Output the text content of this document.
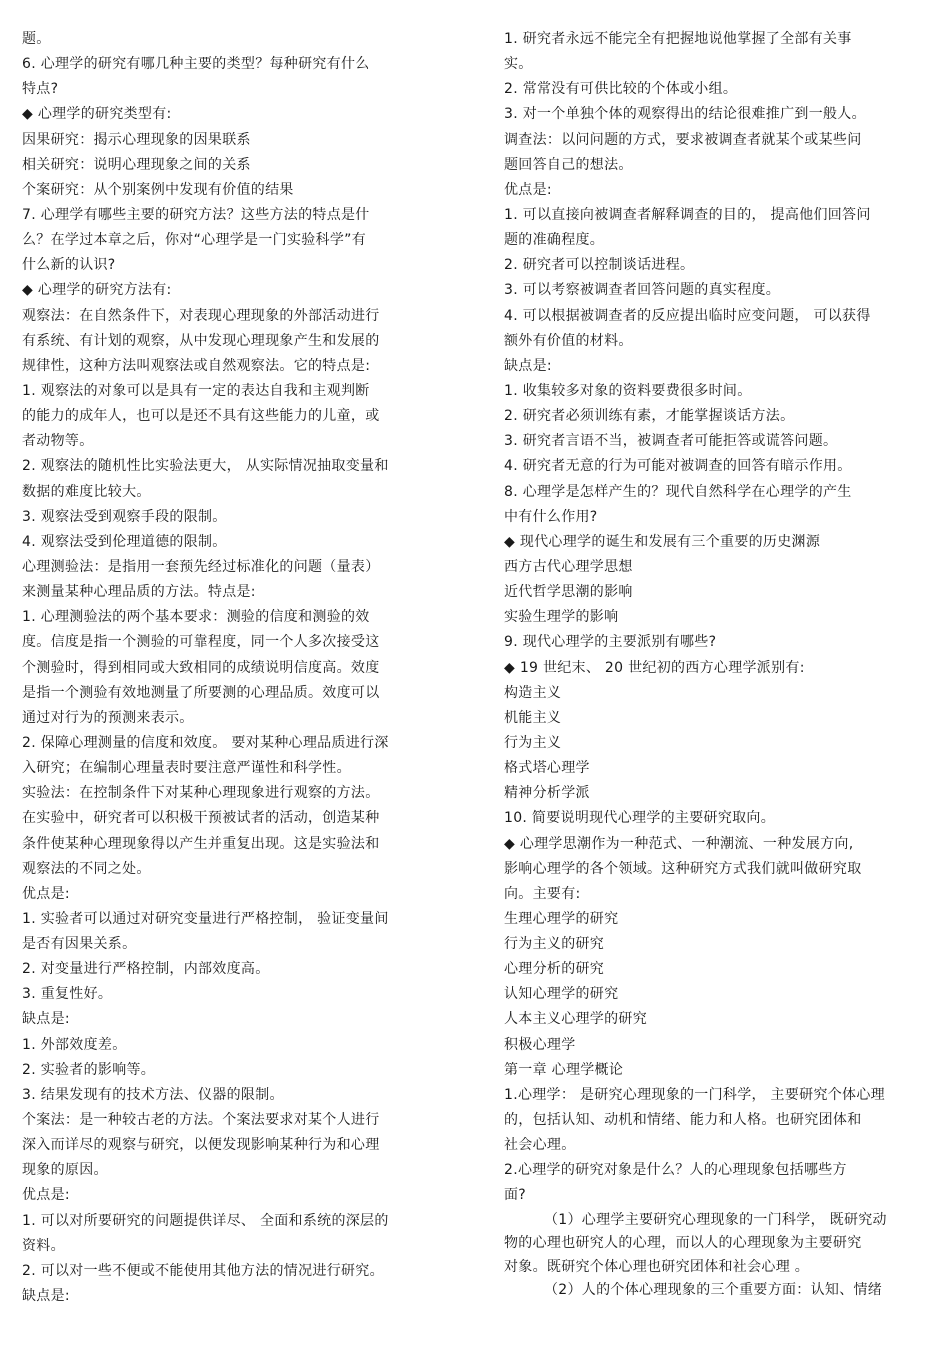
题。
6. 心理学的研究有哪几种主要的类型？每种研究有什么
特点?
◆ 心理学的研究类型有:
因果研究：揭示心理现象的因果联系
相关研究：说明心理现象之间的关系
个案研究：从个别案例中发现有价值的结果
7. 心理学有哪些主要的研究方法？这些方法的特点是什
么？在学过本章之后，你对“心理学是一门实验科学”有
什么新的认识?
◆ 心理学的研究方法有:
观察法：在自然条件下，对表现心理现象的外部活动进行
有系统、有计划的观察，从中发现心理现象产生和发展的
规律性，这种方法叫观察法或自然观察法。它的特点是:
1. 观察法的对象可以是具有一定的表达自我和主观判断
的能力的成年人，也可以是还不具有这些能力的儿童，或
者动物等。
2. 观察法的随机性比实验法更大， 从实际情况抽取变量和
数据的难度比较大。
3. 观察法受到观察手段的限制。
4. 观察法受到伦理道德的限制。
心理测验法：是指用一套预先经过标准化的问题（量表）
来测量某种心理品质的方法。特点是:
1. 心理测验法的两个基本要求：测验的信度和测验的效
度。信度是指一个测验的可靠程度，同一个人多次接受这
个测验时，得到相同或大致相同的成绩说明信度高。效度
是指一个测验有效地测量了所要测的心理品质。效度可以
通过对行为的预测来表示。
2. 保障心理测量的信度和效度。 要对某种心理品质进行深
入研究；在编制心理量表时要注意严谨性和科学性。
实验法：在控制条件下对某种心理现象进行观察的方法。
在实验中，研究者可以积极干预被试者的活动，创造某种
条件使某种心理现象得以产生并重复出现。这是实验法和
观察法的不同之处。
优点是:
1. 实验者可以通过对研究变量进行严格控制， 验证变量间
是否有因果关系。
2. 对变量进行严格控制，内部效度高。
3. 重复性好。
缺点是:
1. 外部效度差。
2. 实验者的影响等。
3. 结果发现有的技术方法、仪器的限制。
个案法：是一种较古老的方法。个案法要求对某个人进行
深入而详尽的观察与研究，以便发现影响某种行为和心理
现象的原因。
优点是:
1. 可以对所要研究的问题提供详尽、 全面和系统的深层的
资料。
2. 可以对一些不便或不能使用其他方法的情况进行研究。
缺点是:
1. 研究者永远不能完全有把握地说他掌握了全部有关事
实。
2. 常常没有可供比较的个体或小组。
3. 对一个单独个体的观察得出的结论很难推广到一般人。
调查法：以问问题的方式，要求被调查者就某个或某些问
题回答自己的想法。
优点是:
1. 可以直接向被调查者解释调查的目的， 提高他们回答问
题的准确程度。
2. 研究者可以控制谈话进程。
3. 可以考察被调查者回答问题的真实程度。
4. 可以根据被调查者的反应提出临时应变问题， 可以获得
额外有价值的材料。
缺点是:
1. 收集较多对象的资料要费很多时间。
2. 研究者必须训练有素，才能掌握谈话方法。
3. 研究者言语不当，被调查者可能拒答或谎答问题。
4. 研究者无意的行为可能对被调查的回答有暗示作用。
8. 心理学是怎样产生的？现代自然科学在心理学的产生
中有什么作用?
◆ 现代心理学的诞生和发展有三个重要的历史渊源
西方古代心理学思想
近代哲学思潮的影响
实验生理学的影响
9. 现代心理学的主要派别有哪些?
◆ 19 世纪末、 20 世纪初的西方心理学派别有:
构造主义
机能主义
行为主义
格式塔心理学
精神分析学派
10. 简要说明现代心理学的主要研究取向。
◆ 心理学思潮作为一种范式、一种潮流、一种发展方向,
影响心理学的各个领域。这种研究方式我们就叫做研究取
向。主要有:
生理心理学的研究
行为主义的研究
心理分析的研究
认知心理学的研究
人本主义心理学的研究
积极心理学
第一章 心理学概论
1.心理学： 是研究心理现象的一门科学， 主要研究个体心理
的，包括认知、动机和情绪、能力和人格。也研究团体和
社会心理。
2.心理学的研究对象是什么？人的心理现象包括哪些方
面?
（1）心理学主要研究心理现象的一门科学， 既研究动
物的心理也研究人的心理，而以人的心理现象为主要研究
对象。既研究个体心理也研究团体和社会心理 。
（2）人的个体心理现象的三个重要方面：认知、情绪
